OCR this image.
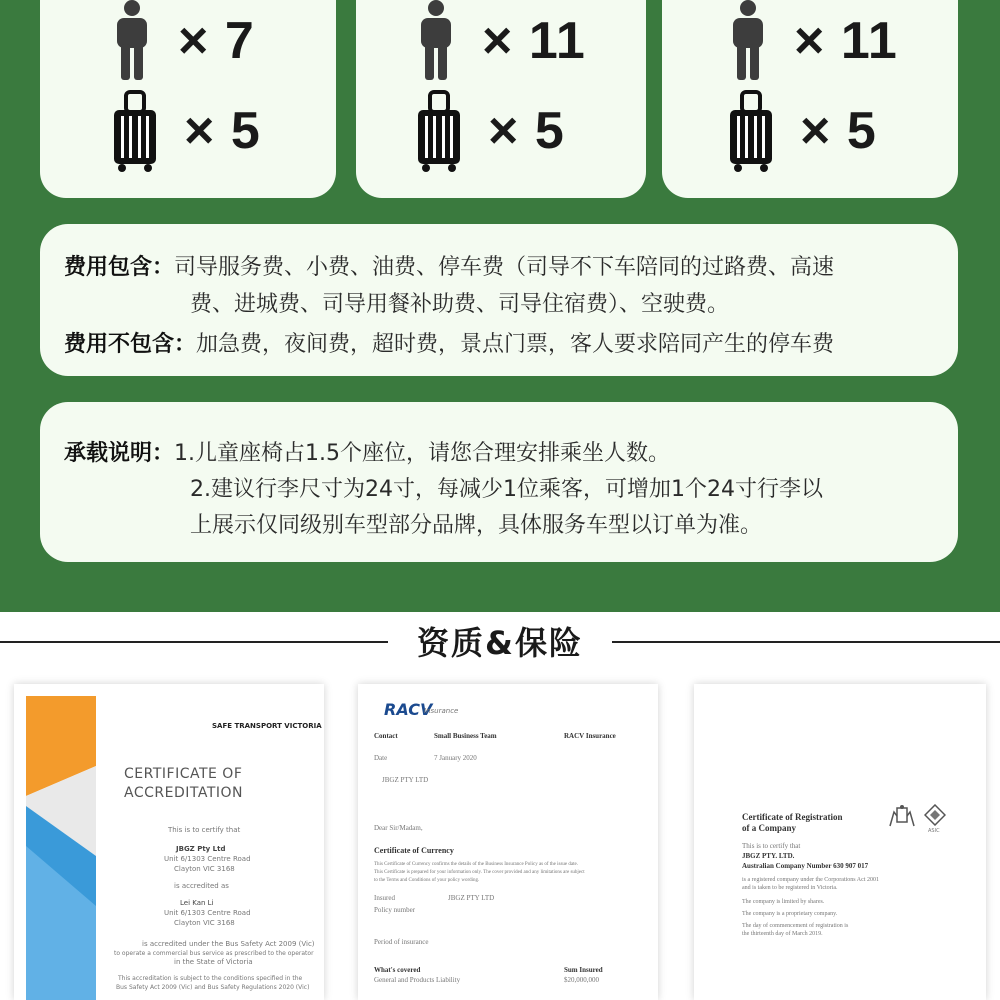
× 7
× 5
× 11
× 5
× 11
× 5
费用包含：司导服务费、小费、油费、停车费（司导不下车陪同的过路费、高速
费、进城费、司导用餐补助费、司导住宿费）、空驶费。
费用不包含：加急费，夜间费，超时费，景点门票，客人要求陪同产生的停车费
承载说明：1.儿童座椅占1.5个座位，请您合理安排乘坐人数。
2.建议行李尺寸为24寸，每减少1位乘客，可增加1个24寸行李以
上展示仅同级别车型部分品牌，具体服务车型以订单为准。
资质&保险
SAFE TRANSPORT VICTORIA
CERTIFICATE OF
ACCREDITATION
This is to certify that
JBGZ Pty Ltd
Unit 6/1303 Centre Road
Clayton VIC 3168
is accredited as
Lei Kan Li
Unit 6/1303 Centre Road
Clayton VIC 3168
is accredited under the Bus Safety Act 2009 (Vic)
to operate a commercial bus service as prescribed to the operator
in the State of Victoria
This accreditation is subject to the conditions specified in the
Bus Safety Act 2009 (Vic) and Bus Safety Regulations 2020 (Vic)
RACV
Insurance
Contact	Small Business Team	RACV Insurance
Date	7 January 2020
JBGZ PTY LTD
Dear Sir/Madam,
Certificate of Currency
This Certificate of Currency confirms the details of the Business Insurance Policy as of the issue date.
This Certificate is prepared for your information only. The cover provided and any limitations are subject
to the Terms and Conditions of your policy wording.
Insured	JBGZ PTY LTD
Policy number
Period of insurance
What's covered	Sum Insured
General and Products Liability	$20,000,000
Certificate of Registration
of a Company	ASIC
This is to certify that
JBGZ PTY. LTD.
Australian Company Number 630 907 017
is a registered company under the Corporations Act 2001
and is taken to be registered in Victoria.
The company is limited by shares.
The company is a proprietary company.
The day of commencement of registration is
the thirteenth day of March 2019.
